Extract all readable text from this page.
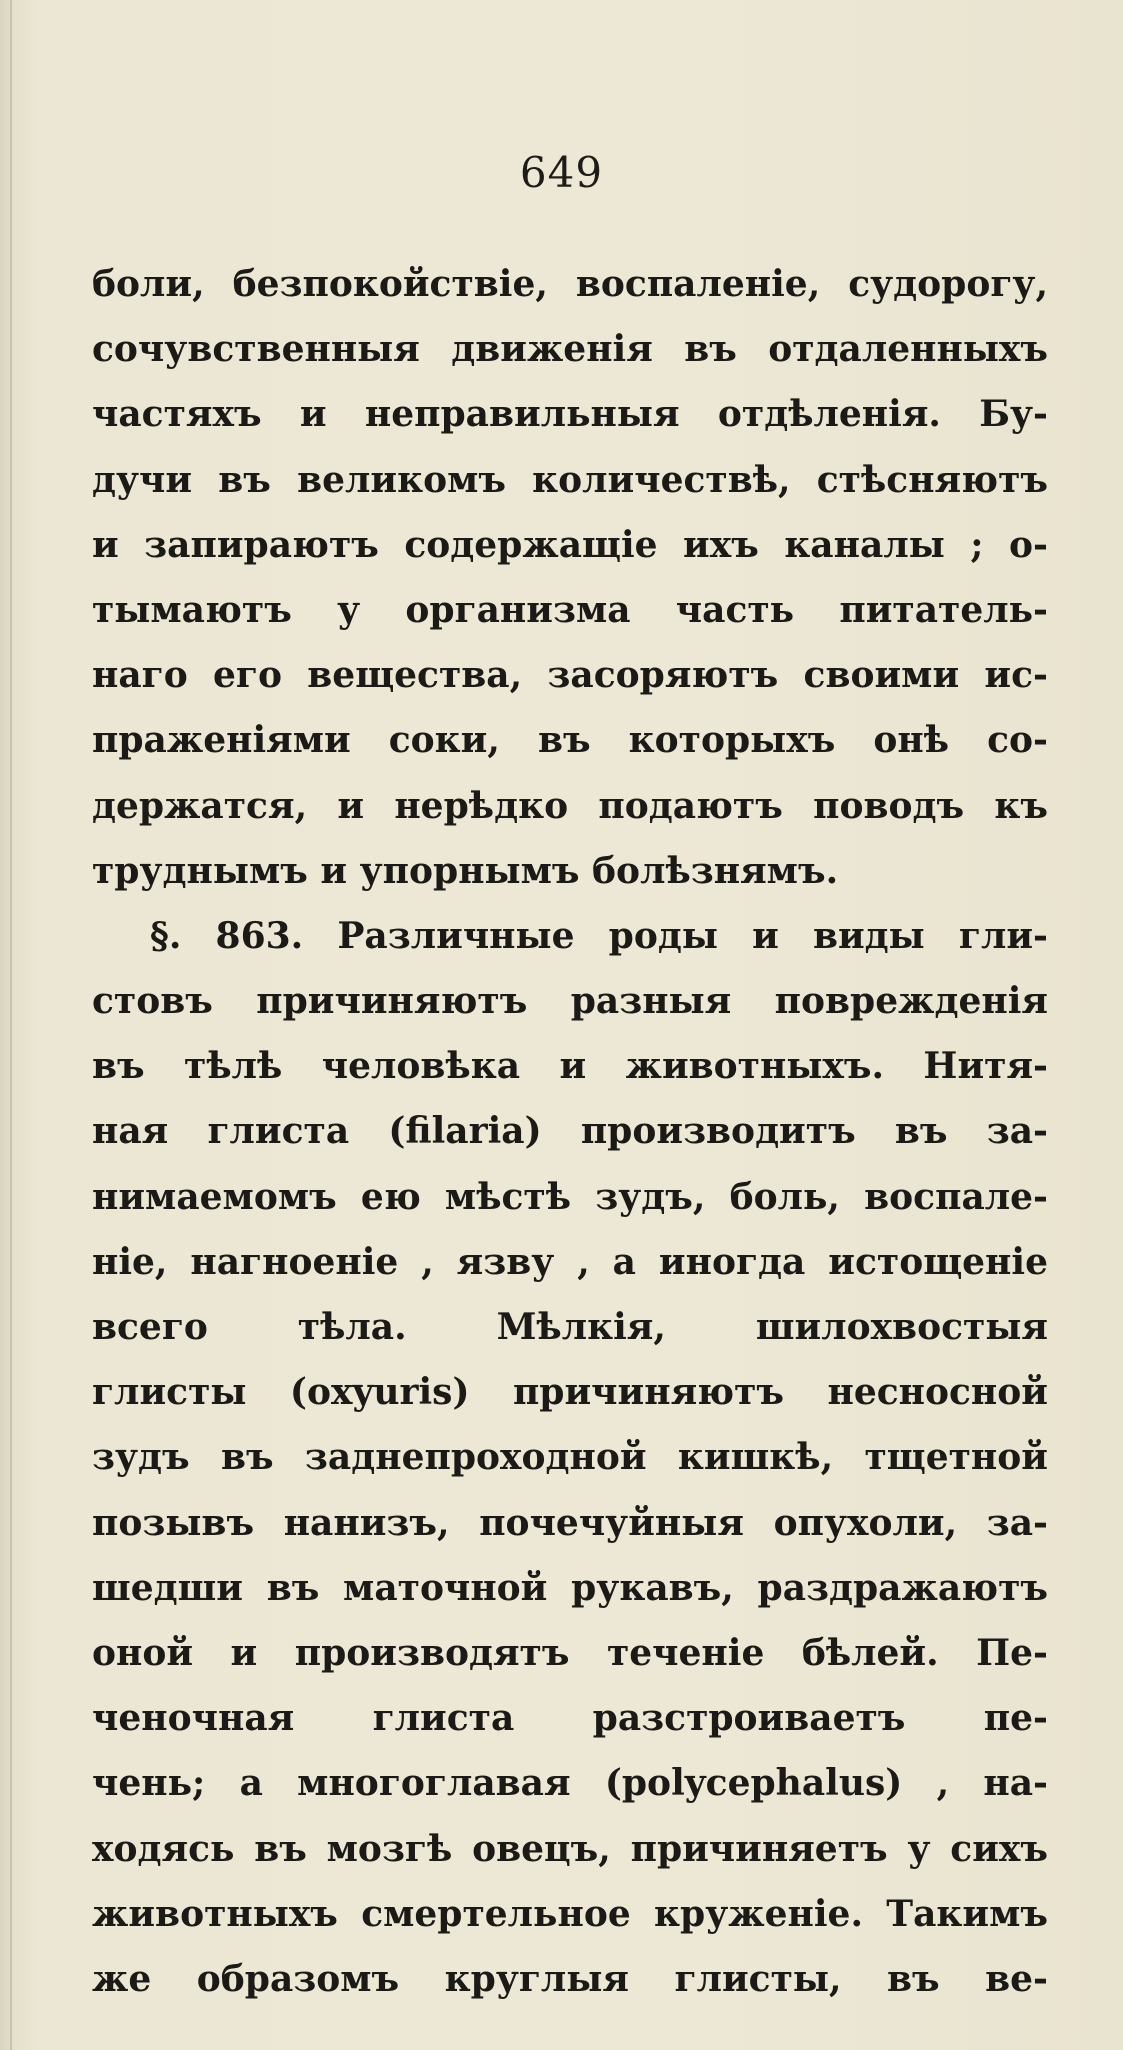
649
боли, безпокойствіе, воспаленіе, судорогу,
сочувственныя движенія въ отдаленныхъ
частяхъ и неправильныя отдѣленія. Бу-
дучи въ великомъ количествѣ, стѣсняютъ
и запираютъ содержащіе ихъ каналы ; о-
тымаютъ у организма часть питатель-
наго его вещества, засоряютъ своими ис-
праженіями соки, въ которыхъ онѣ со-
держатся, и нерѣдко подаютъ поводъ къ
труднымъ и упорнымъ болѣзнямъ.
§. 863. Различные роды и виды гли-
стовъ причиняютъ разныя поврежденія
въ тѣлѣ человѣка и животныхъ. Нитя-
ная глиста (filaria) производитъ въ за-
нимаемомъ ею мѣстѣ зудъ, боль, воспале-
ніе, нагноеніе , язву , а иногда истощеніе
всего тѣла. Мѣлкія, шилохвостыя
глисты (oxyuris) причиняютъ несносной
зудъ въ заднепроходной кишкѣ, тщетной
позывъ нанизъ, почечуйныя опухоли, за-
шедши въ маточной рукавъ, раздражаютъ
оной и производятъ теченіе бѣлей. Пе-
ченочная глиста разстроиваетъ пе-
чень; а многоглавая (polycephalus) , на-
ходясь въ мозгѣ овецъ, причиняетъ у сихъ
животныхъ смертельное круженіе. Такимъ
же образомъ круглыя глисты, въ ве-
